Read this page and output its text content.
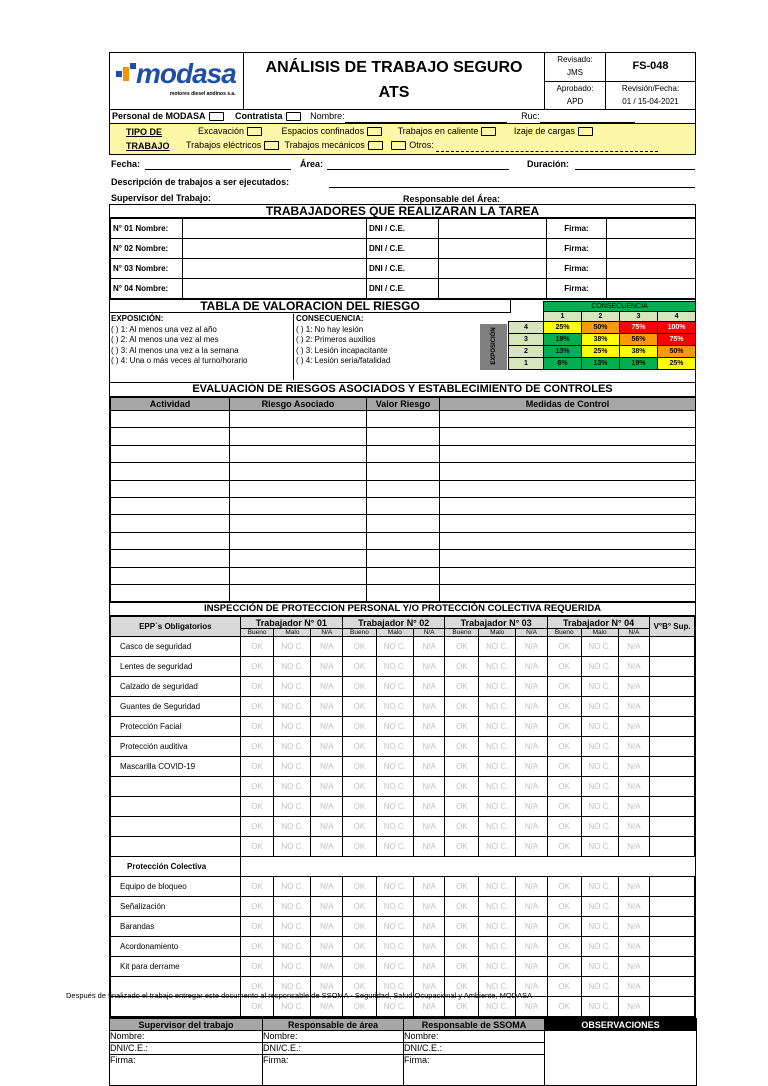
modasa
motores diesel andinos s.a.
ANÁLISIS DE TRABAJO SEGURO
ATS
Revisado:
JMS
Aprobado:
APD
FS-048
Revisión/Fecha:
01 / 15-04-2021
Personal de MODASA	Contratista	Nombre:	Ruc:
TIPO DE
TRABAJO
Excavación	Espacios confinados	Trabajos en caliente	Izaje de cargas
Trabajos eléctricos	Trabajos mecánicos	Otros:
Fecha:	Área:	Duración:
Descripción de trabajos a ser ejecutados:
Supervisor del Trabajo:	Responsable del Área:
TRABAJADORES QUE REALIZARAN LA TAREA
N° 01 Nombre:		DNI / C.E.		Firma:	
N° 02 Nombre:		DNI / C.E.		Firma:	
N° 03 Nombre:		DNI / C.E.		Firma:	
N° 04 Nombre:		DNI / C.E.		Firma:	
TABLA DE VALORACION DEL RIESGO
EXPOSICIÓN:
( ) 1: Al menos una vez al año
( ) 2: Al menos una vez al mes
( ) 3: Al menos una vez a la semana
( ) 4: Una o más veces al turno/horario
CONSECUENCIA:
( ) 1: No hay lesión
( ) 2: Primeros auxilios
( ) 3: Lesión incapacitante
( ) 4: Lesión seria/fatalidad	EXPOSICIÓN
	CONSECUENCIA			
	1	2	3	4
4	25%	50%	75%	100%
3	19%	38%	56%	75%
2	13%	25%	38%	50%
1	6%	13%	19%	25%
EVALUACIÓN DE RIESGOS ASOCIADOS Y ESTABLECIMIENTO DE CONTROLES
Actividad	Riesgo Asociado	Valor Riesgo	Medidas de Control

INSPECCIÓN DE PROTECCION PERSONAL Y/O PROTECCIÓN COLECTIVA REQUERIDA
EPP´s Obligatorios	Trabajador N° 01			Trabajador N° 02			Trabajador N° 03			Trabajador N° 04			V°B° Sup.
	Bueno	Malo	N/A	Bueno	Malo	N/A	Bueno	Malo	N/A	Bueno	Malo	N/A	
Casco de seguridad	OK	NO C.	N/A	OK	NO C.	N/A	OK	NO C.	N/A	OK	NO C.	N/A	
Lentes de seguridad	OK	NO C.	N/A	OK	NO C.	N/A	OK	NO C.	N/A	OK	NO C.	N/A	
Calzado de seguridad	OK	NO C.	N/A	OK	NO C.	N/A	OK	NO C.	N/A	OK	NO C.	N/A	
Guantes de Seguridad	OK	NO C.	N/A	OK	NO C.	N/A	OK	NO C.	N/A	OK	NO C.	N/A	
Protección Facial	OK	NO C.	N/A	OK	NO C.	N/A	OK	NO C.	N/A	OK	NO C.	N/A	
Protección auditiva	OK	NO C.	N/A	OK	NO C.	N/A	OK	NO C.	N/A	OK	NO C.	N/A	
Mascarilla COVID-19	OK	NO C.	N/A	OK	NO C.	N/A	OK	NO C.	N/A	OK	NO C.	N/A	
	OK	NO C.	N/A	OK	NO C.	N/A	OK	NO C.	N/A	OK	NO C.	N/A	
	OK	NO C.	N/A	OK	NO C.	N/A	OK	NO C.	N/A	OK	NO C.	N/A	
	OK	NO C.	N/A	OK	NO C.	N/A	OK	NO C.	N/A	OK	NO C.	N/A	
	OK	NO C.	N/A	OK	NO C.	N/A	OK	NO C.	N/A	OK	NO C.	N/A	
Protección Colectiva													
Equipo de bloqueo	OK	NO C.	N/A	OK	NO C.	N/A	OK	NO C.	N/A	OK	NO C.	N/A	
Señalización	OK	NO C.	N/A	OK	NO C.	N/A	OK	NO C.	N/A	OK	NO C.	N/A	
Barandas	OK	NO C.	N/A	OK	NO C.	N/A	OK	NO C.	N/A	OK	NO C.	N/A	
Acordonamiento	OK	NO C.	N/A	OK	NO C.	N/A	OK	NO C.	N/A	OK	NO C.	N/A	
Kit para derrame	OK	NO C.	N/A	OK	NO C.	N/A	OK	NO C.	N/A	OK	NO C.	N/A	
	OK	NO C.	N/A	OK	NO C.	N/A	OK	NO C.	N/A	OK	NO C.	N/A	
	OK	NO C.	N/A	OK	NO C.	N/A	OK	NO C.	N/A	OK	NO C.	N/A	
Supervisor del trabajo	Responsable de área	Responsable de SSOMA	OBSERVACIONES
Nombre:	Nombre:	Nombre:	
DNI/C.E.:	DNI/C.E.:	DNI/C.E.:	
Firma:	Firma:	Firma:	
Después de finalizado el trabajo entregar este documento al responsable de SSOMA - Seguridad, Salud Ocupacional y Ambiente, MODASA
